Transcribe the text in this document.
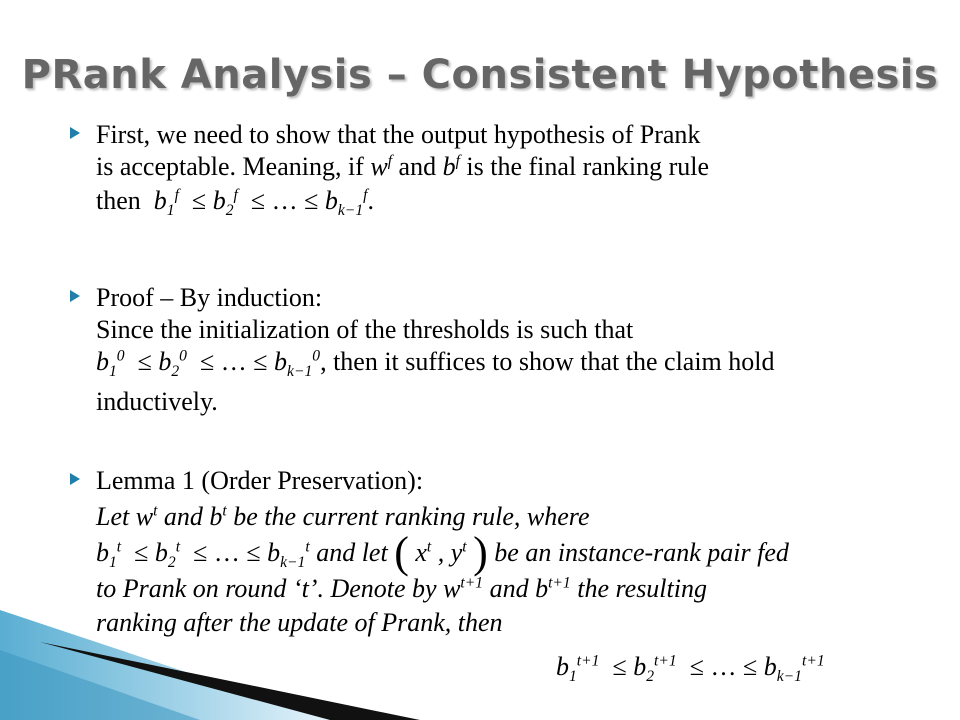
PRank Analysis – Consistent Hypothesis
First, we need to show that the output hypothesis of Prank
is acceptable. Meaning, if $w^f$ and $b^f$ is the final ranking rule
then  $b_1^f \le b_2^f$ ≤ … ≤ $b_{k-1}^f$.
Proof – By induction:
Since the initialization of the thresholds is such that
$b_1^0 \le b_2^0$ ≤ … ≤ $b_{k-1}^0$, then it suffices to show that the claim hold
inductively.
Lemma 1 (Order Preservation):
Let $w^t$ and $b^t$ be the current ranking rule, where
$b_1^t \le b_2^t$ ≤ … ≤ $b_{k-1}^t$ and let ( $x^t$ , $y^t$ ) be an instance-rank pair fed
to Prank on round ‘t’. Denote by $w^{t+1}$ and $b^{t+1}$ the resulting
ranking after the update of Prank, then
$b_1^{t+1} \le b_2^{t+1}$ ≤ … ≤ $b_{k-1}^{t+1}$
